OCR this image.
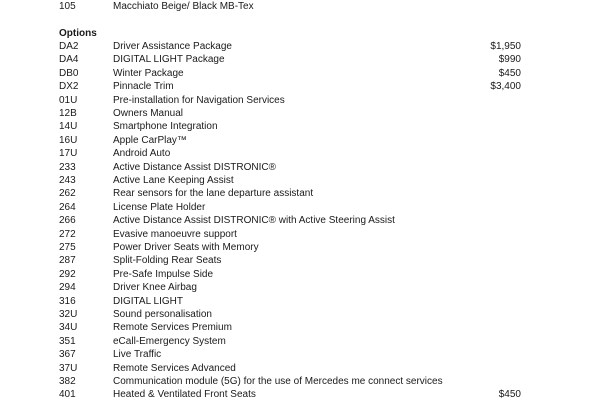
105	Macchiato Beige/ Black MB-Tex
Options
DA2	Driver Assistance Package	$1,950
DA4	DIGITAL LIGHT Package	$990
DB0	Winter Package	$450
DX2	Pinnacle Trim	$3,400
01U	Pre-installation for Navigation Services
12B	Owners Manual
14U	Smartphone Integration
16U	Apple CarPlay™
17U	Android Auto
233	Active Distance Assist DISTRONIC®
243	Active Lane Keeping Assist
262	Rear sensors for the lane departure assistant
264	License Plate Holder
266	Active Distance Assist DISTRONIC® with Active Steering Assist
272	Evasive manoeuvre support
275	Power Driver Seats with Memory
287	Split-Folding Rear Seats
292	Pre-Safe Impulse Side
294	Driver Knee Airbag
316	DIGITAL LIGHT
32U	Sound personalisation
34U	Remote Services Premium
351	eCall-Emergency System
367	Live Traffic
37U	Remote Services Advanced
382	Communication module (5G) for the use of Mercedes me connect services
401	Heated & Ventilated Front Seats	$450
